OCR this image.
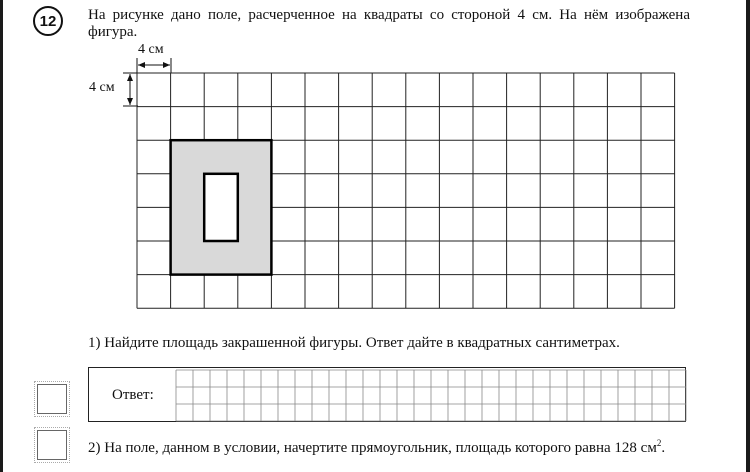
12 На рисунке дано поле, расчерченное на квадраты со стороной 4 см. На нём изображена фигура.

4 см
4 см

1) Найдите площадь закрашенной фигуры. Ответ дайте в квадратных сантиметрах.

Ответ:

2) На поле, данном в условии, начертите прямоугольник, площадь которого равна 128 $см^2$.
